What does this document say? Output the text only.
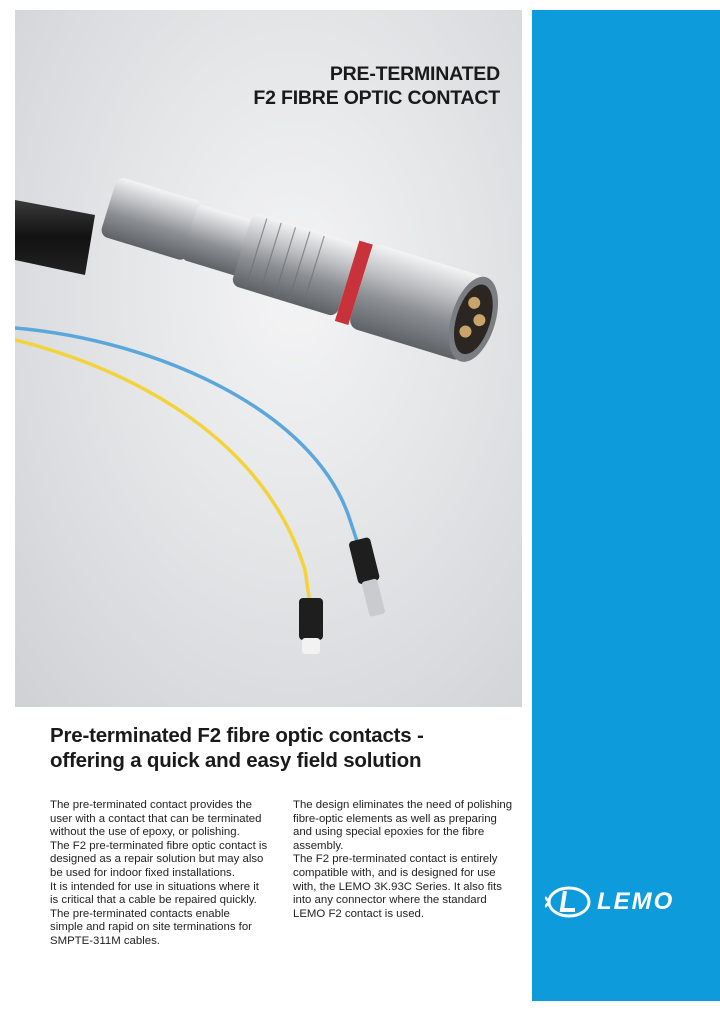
PRE-TERMINATED
F2 FIBRE OPTIC CONTACT
Pre-terminated F2 fibre optic contacts -
offering a quick and easy field solution
The pre-terminated contact provides the
user with a contact that can be terminated
without the use of epoxy, or polishing.
The F2 pre-terminated fibre optic contact is
designed as a repair solution but may also
be used for indoor fixed installations.
It is intended for use in situations where it
is critical that a cable be repaired quickly.
The pre-terminated contacts enable
simple and rapid on site terminations for
SMPTE-311M cables.
The design eliminates the need of polishing
fibre-optic elements as well as preparing
and using special epoxies for the fibre
assembly.
The F2 pre-terminated contact is entirely
compatible with, and is designed for use
with, the LEMO 3K.93C Series. It also fits
into any connector where the standard
LEMO F2 contact is used.	LEMO
